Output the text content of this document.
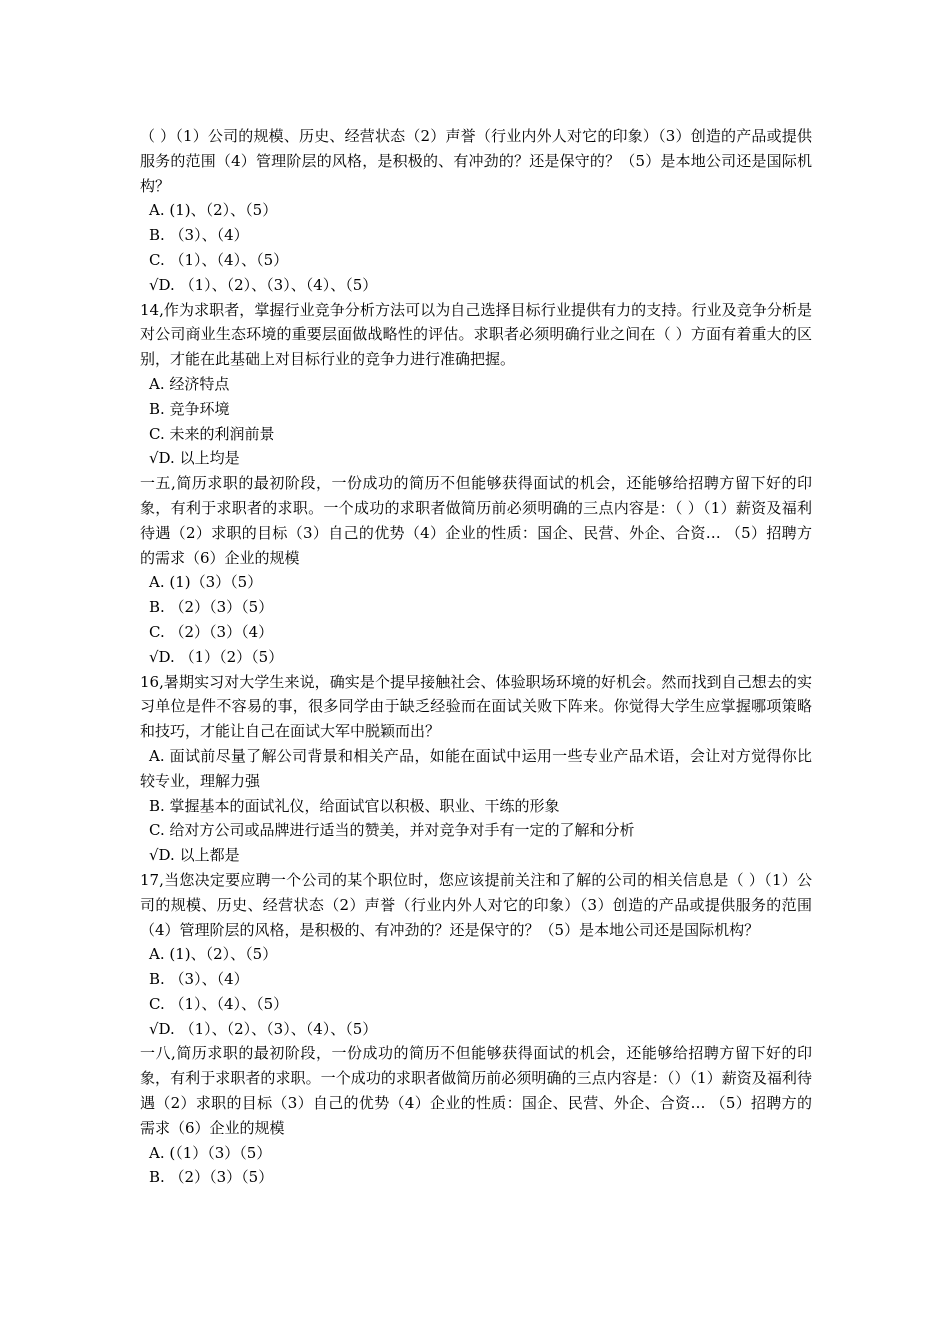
（ ）（1）公司的规模、历史、经营状态（2）声誉（行业内外人对它的印象）（3）创造的产品或提供服务的范围（4）管理阶层的风格，是积极的、有冲劲的？还是保守的？（5）是本地公司还是国际机构？

A. (1)、（2）、（5）

B. （3）、（4）

C. （1）、（4）、（5）

√D. （1）、（2）、（3）、（4）、（5）

14,作为求职者，掌握行业竞争分析方法可以为自己选择目标行业提供有力的支持。行业及竞争分析是对公司商业生态环境的重要层面做战略性的评估。求职者必须明确行业之间在（ ）方面有着重大的区别，才能在此基础上对目标行业的竞争力进行准确把握。

A. 经济特点

B. 竞争环境

C. 未来的利润前景

√D. 以上均是

一五,简历求职的最初阶段，一份成功的简历不但能够获得面试的机会，还能够给招聘方留下好的印象，有利于求职者的求职。一个成功的求职者做简历前必须明确的三点内容是：（ ）（1）薪资及福利待遇（2）求职的目标（3）自己的优势（4）企业的性质：国企、民营、外企、合资… （5）招聘方的需求（6）企业的规模

A. (1)（3）（5）

B. （2）（3）（5）

C. （2）（3）（4）

√D. （1）（2）（5）

16,暑期实习对大学生来说，确实是个提早接触社会、体验职场环境的好机会。然而找到自己想去的实习单位是件不容易的事，很多同学由于缺乏经验而在面试关败下阵来。你觉得大学生应掌握哪项策略和技巧，才能让自己在面试大军中脱颖而出？

A. 面试前尽量了解公司背景和相关产品，如能在面试中运用一些专业产品术语，会让对方觉得你比较专业，理解力强

B. 掌握基本的面试礼仪，给面试官以积极、职业、干练的形象

C. 给对方公司或品牌进行适当的赞美，并对竞争对手有一定的了解和分析

√D. 以上都是

17,当您决定要应聘一个公司的某个职位时，您应该提前关注和了解的公司的相关信息是（ ）（1）公司的规模、历史、经营状态（2）声誉（行业内外人对它的印象）（3）创造的产品或提供服务的范围（4）管理阶层的风格，是积极的、有冲劲的？还是保守的？（5）是本地公司还是国际机构？

A. (1)、（2）、（5）

B. （3）、（4）

C. （1）、（4）、（5）

√D. （1）、（2）、（3）、（4）、（5）

一八,简历求职的最初阶段，一份成功的简历不但能够获得面试的机会，还能够给招聘方留下好的印象，有利于求职者的求职。一个成功的求职者做简历前必须明确的三点内容是：（）（1）薪资及福利待遇（2）求职的目标（3）自己的优势（4）企业的性质：国企、民营、外企、合资… （5）招聘方的需求（6）企业的规模

A. (（1）（3）（5）

B. （2）（3）（5）
